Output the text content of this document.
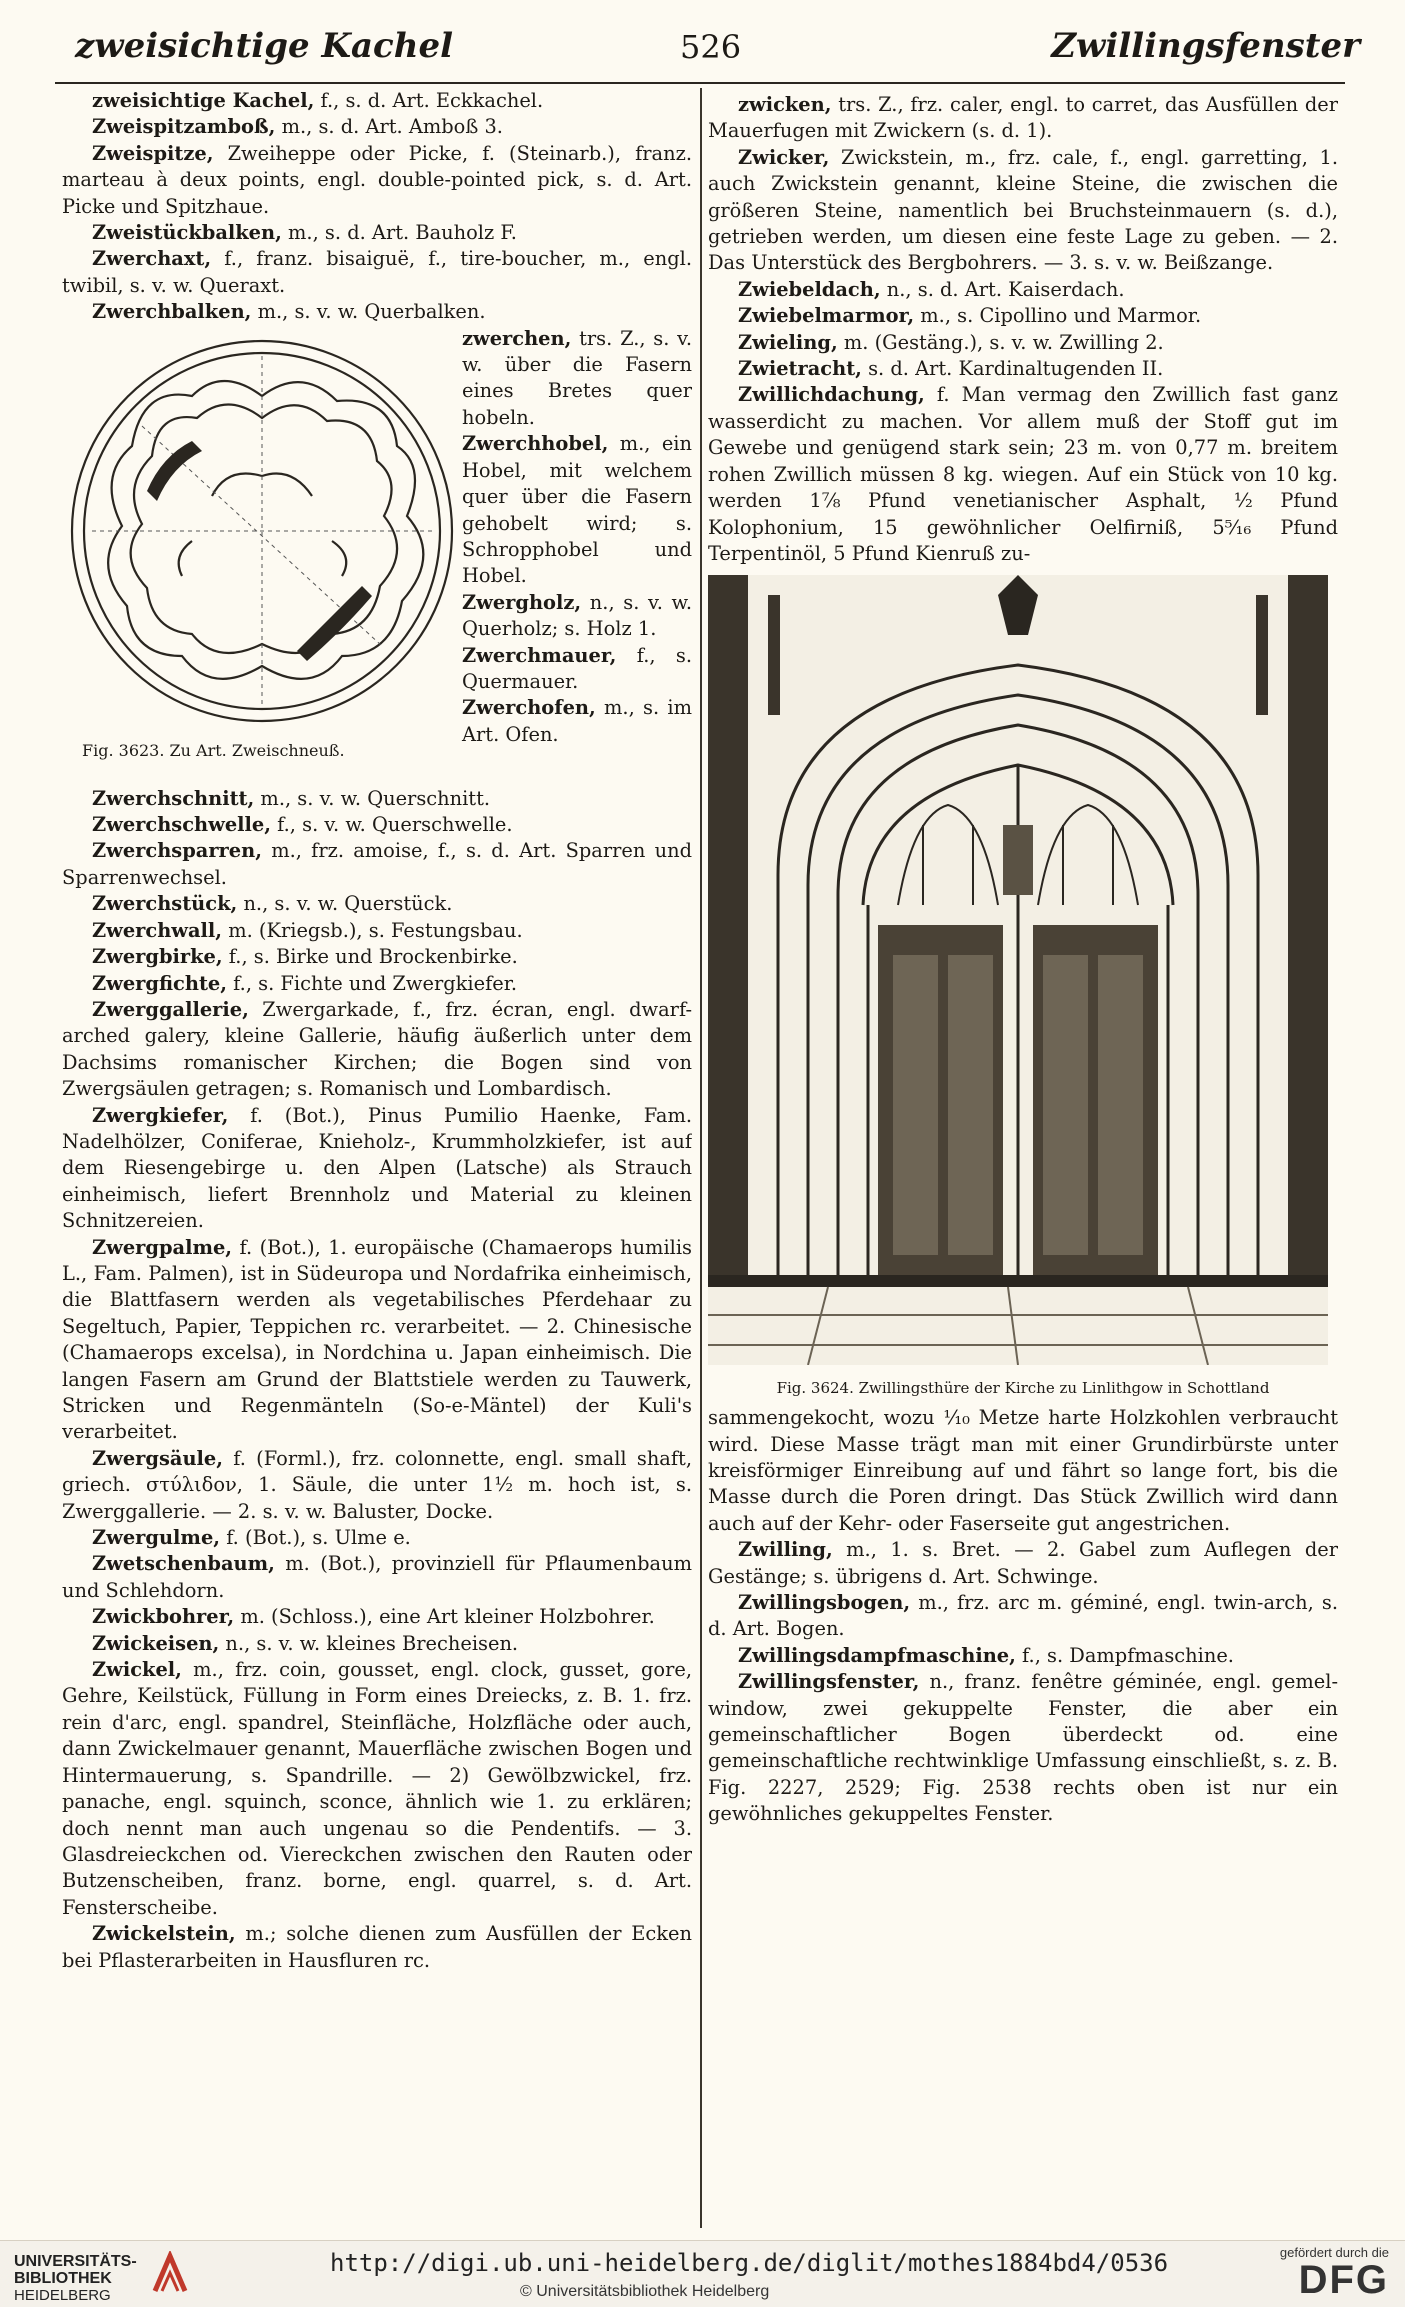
zweisichtige Kachel	526	Zwillingsfenster

zweisichtige Kachel, f., s. d. Art. Eckkachel.

Zweispitzamboß, m., s. d. Art. Amboß 3.

Zweispitze, Zweiheppe oder Picke, f. (Steinarb.), franz. marteau à deux points, engl. double-pointed pick, s. d. Art. Picke und Spitzhaue.

Zweistückbalken, m., s. d. Art. Bauholz F.

Zwerchaxt, f., franz. bisaiguë, f., tire-boucher, m., engl. twibil, s. v. w. Queraxt.

Zwerchbalken, m., s. v. w. Querbalken.

Fig. 3623. Zu Art. Zweischneuß.

zwerchen, trs. Z., s. v. w. über die Fasern eines Bretes quer hobeln.

Zwerchhobel, m., ein Hobel, mit welchem quer über die Fasern gehobelt wird; s. Schropphobel und Hobel.

Zwergholz, n., s. v. w. Querholz; s. Holz 1.

Zwerchmauer, f., s. Quermauer.

Zwerchofen, m., s. im Art. Ofen.

Zwerchschnitt, m., s. v. w. Querschnitt.

Zwerchschwelle, f., s. v. w. Querschwelle.

Zwerchsparren, m., frz. amoise, f., s. d. Art. Sparren und Sparrenwechsel.

Zwerchstück, n., s. v. w. Querstück.

Zwerchwall, m. (Kriegsb.), s. Festungsbau.

Zwergbirke, f., s. Birke und Brockenbirke.

Zwergfichte, f., s. Fichte und Zwergkiefer.

Zwerggallerie, Zwergarkade, f., frz. écran, engl. dwarf-arched galery, kleine Gallerie, häufig äußerlich unter dem Dachsims romanischer Kirchen; die Bogen sind von Zwergsäulen getragen; s. Romanisch und Lombardisch.

Zwergkiefer, f. (Bot.), Pinus Pumilio Haenke, Fam. Nadelhölzer, Coniferae, Knieholz-, Krummholzkiefer, ist auf dem Riesengebirge u. den Alpen (Latsche) als Strauch einheimisch, liefert Brennholz und Material zu kleinen Schnitzereien.

Zwergpalme, f. (Bot.), 1. europäische (Chamaerops humilis L., Fam. Palmen), ist in Südeuropa und Nordafrika einheimisch, die Blattfasern werden als vegetabilisches Pferdehaar zu Segeltuch, Papier, Teppichen rc. verarbeitet. — 2. Chinesische (Chamaerops excelsa), in Nordchina u. Japan einheimisch. Die langen Fasern am Grund der Blattstiele werden zu Tauwerk, Stricken und Regenmänteln (So-e-Mäntel) der Kuli's verarbeitet.

Zwergsäule, f. (Forml.), frz. colonnette, engl. small shaft, griech. στύλιδον, 1. Säule, die unter 1½ m. hoch ist, s. Zwerggallerie. — 2. s. v. w. Baluster, Docke.

Zwergulme, f. (Bot.), s. Ulme e.

Zwetschenbaum, m. (Bot.), provinziell für Pflaumenbaum und Schlehdorn.

Zwickbohrer, m. (Schloss.), eine Art kleiner Holzbohrer.

Zwickeisen, n., s. v. w. kleines Brecheisen.

Zwickel, m., frz. coin, gousset, engl. clock, gusset, gore, Gehre, Keilstück, Füllung in Form eines Dreiecks, z. B. 1. frz. rein d'arc, engl. spandrel, Steinfläche, Holzfläche oder auch, dann Zwickelmauer genannt, Mauerfläche zwischen Bogen und Hintermauerung, s. Spandrille. — 2) Gewölbzwickel, frz. panache, engl. squinch, sconce, ähnlich wie 1. zu erklären; doch nennt man auch ungenau so die Pendentifs. — 3. Glasdreieckchen od. Viereckchen zwischen den Rauten oder Butzenscheiben, franz. borne, engl. quarrel, s. d. Art. Fensterscheibe.

Zwickelstein, m.; solche dienen zum Ausfüllen der Ecken bei Pflasterarbeiten in Hausfluren rc.

zwicken, trs. Z., frz. caler, engl. to carret, das Ausfüllen der Mauerfugen mit Zwickern (s. d. 1).

Zwicker, Zwickstein, m., frz. cale, f., engl. garretting, 1. auch Zwickstein genannt, kleine Steine, die zwischen die größeren Steine, namentlich bei Bruchsteinmauern (s. d.), getrieben werden, um diesen eine feste Lage zu geben. — 2. Das Unterstück des Bergbohrers. — 3. s. v. w. Beißzange.

Zwiebeldach, n., s. d. Art. Kaiserdach.

Zwiebelmarmor, m., s. Cipollino und Marmor.

Zwieling, m. (Gestäng.), s. v. w. Zwilling 2.

Zwietracht, s. d. Art. Kardinaltugenden II.

Zwillichdachung, f. Man vermag den Zwillich fast ganz wasserdicht zu machen. Vor allem muß der Stoff gut im Gewebe und genügend stark sein; 23 m. von 0,77 m. breitem rohen Zwillich müssen 8 kg. wiegen. Auf ein Stück von 10 kg. werden 1⅞ Pfund venetianischer Asphalt, ½ Pfund Kolophonium, 15 gewöhnlicher Oelfirniß, 5⁵⁄₁₆ Pfund Terpentinöl, 5 Pfund Kienruß zu-

Fig. 3624. Zwillingsthüre der Kirche zu Linlithgow in Schottland

sammengekocht, wozu ¹⁄₁₀ Metze harte Holzkohlen verbraucht wird. Diese Masse trägt man mit einer Grundirbürste unter kreisförmiger Einreibung auf und fährt so lange fort, bis die Masse durch die Poren dringt. Das Stück Zwillich wird dann auch auf der Kehr- oder Faserseite gut angestrichen.

Zwilling, m., 1. s. Bret. — 2. Gabel zum Auflegen der Gestänge; s. übrigens d. Art. Schwinge.

Zwillingsbogen, m., frz. arc m. géminé, engl. twin-arch, s. d. Art. Bogen.

Zwillingsdampfmaschine, f., s. Dampfmaschine.

Zwillingsfenster, n., franz. fenêtre géminée, engl. gemel-window, zwei gekuppelte Fenster, die aber ein gemeinschaftlicher Bogen überdeckt od. eine gemeinschaftliche rechtwinklige Umfassung einschließt, s. z. B. Fig. 2227, 2529; Fig. 2538 rechts oben ist nur ein gewöhnliches gekuppeltes Fenster.

UNIVERSITÄTS-
BIBLIOTHEK
HEIDELBERG
http://digi.ub.uni-heidelberg.de/diglit/mothes1884bd4/0536
© Universitätsbibliothek Heidelberg
gefördert durch die
DFG
